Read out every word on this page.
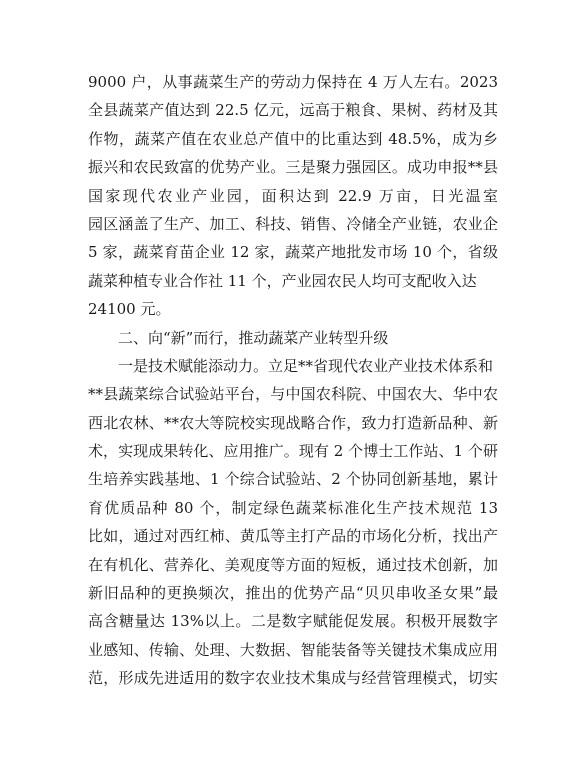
9000 户，从事蔬菜生产的劳动力保持在 4 万人左右。2023
全县蔬菜产值达到 22.5 亿元，远高于粮食、果树、药材及其
作物，蔬菜产值在农业总产值中的比重达到 48.5%，成为乡
振兴和农民致富的优势产业。三是聚力强园区。成功申报**县
国家现代农业产业园，面积达到 22.9 万亩，日光温室
园区涵盖了生产、加工、科技、销售、冷储全产业链，农业企
5 家，蔬菜育苗企业 12 家，蔬菜产地批发市场 10 个，省级
蔬菜种植专业合作社 11 个，产业园农民人均可支配收入达
24100 元。
二、向“新”而行，推动蔬菜产业转型升级
一是技术赋能添动力。立足**省现代农业产业技术体系和
**县蔬菜综合试验站平台，与中国农科院、中国农大、华中农
西北农林、**农大等院校实现战略合作，致力打造新品种、新
术，实现成果转化、应用推广。现有 2 个博士工作站、1 个研
生培养实践基地、1 个综合试验站、2 个协同创新基地，累计
育优质品种 80 个，制定绿色蔬菜标准化生产技术规范 13
比如，通过对西红柿、黄瓜等主打产品的市场化分析，找出产
在有机化、营养化、美观度等方面的短板，通过技术创新，加
新旧品种的更换频次，推出的优势产品“贝贝串收圣女果”最
高含糖量达 13%以上。二是数字赋能促发展。积极开展数字
业感知、传输、处理、大数据、智能装备等关键技术集成应用
范，形成先进适用的数字农业技术集成与经营管理模式，切实
